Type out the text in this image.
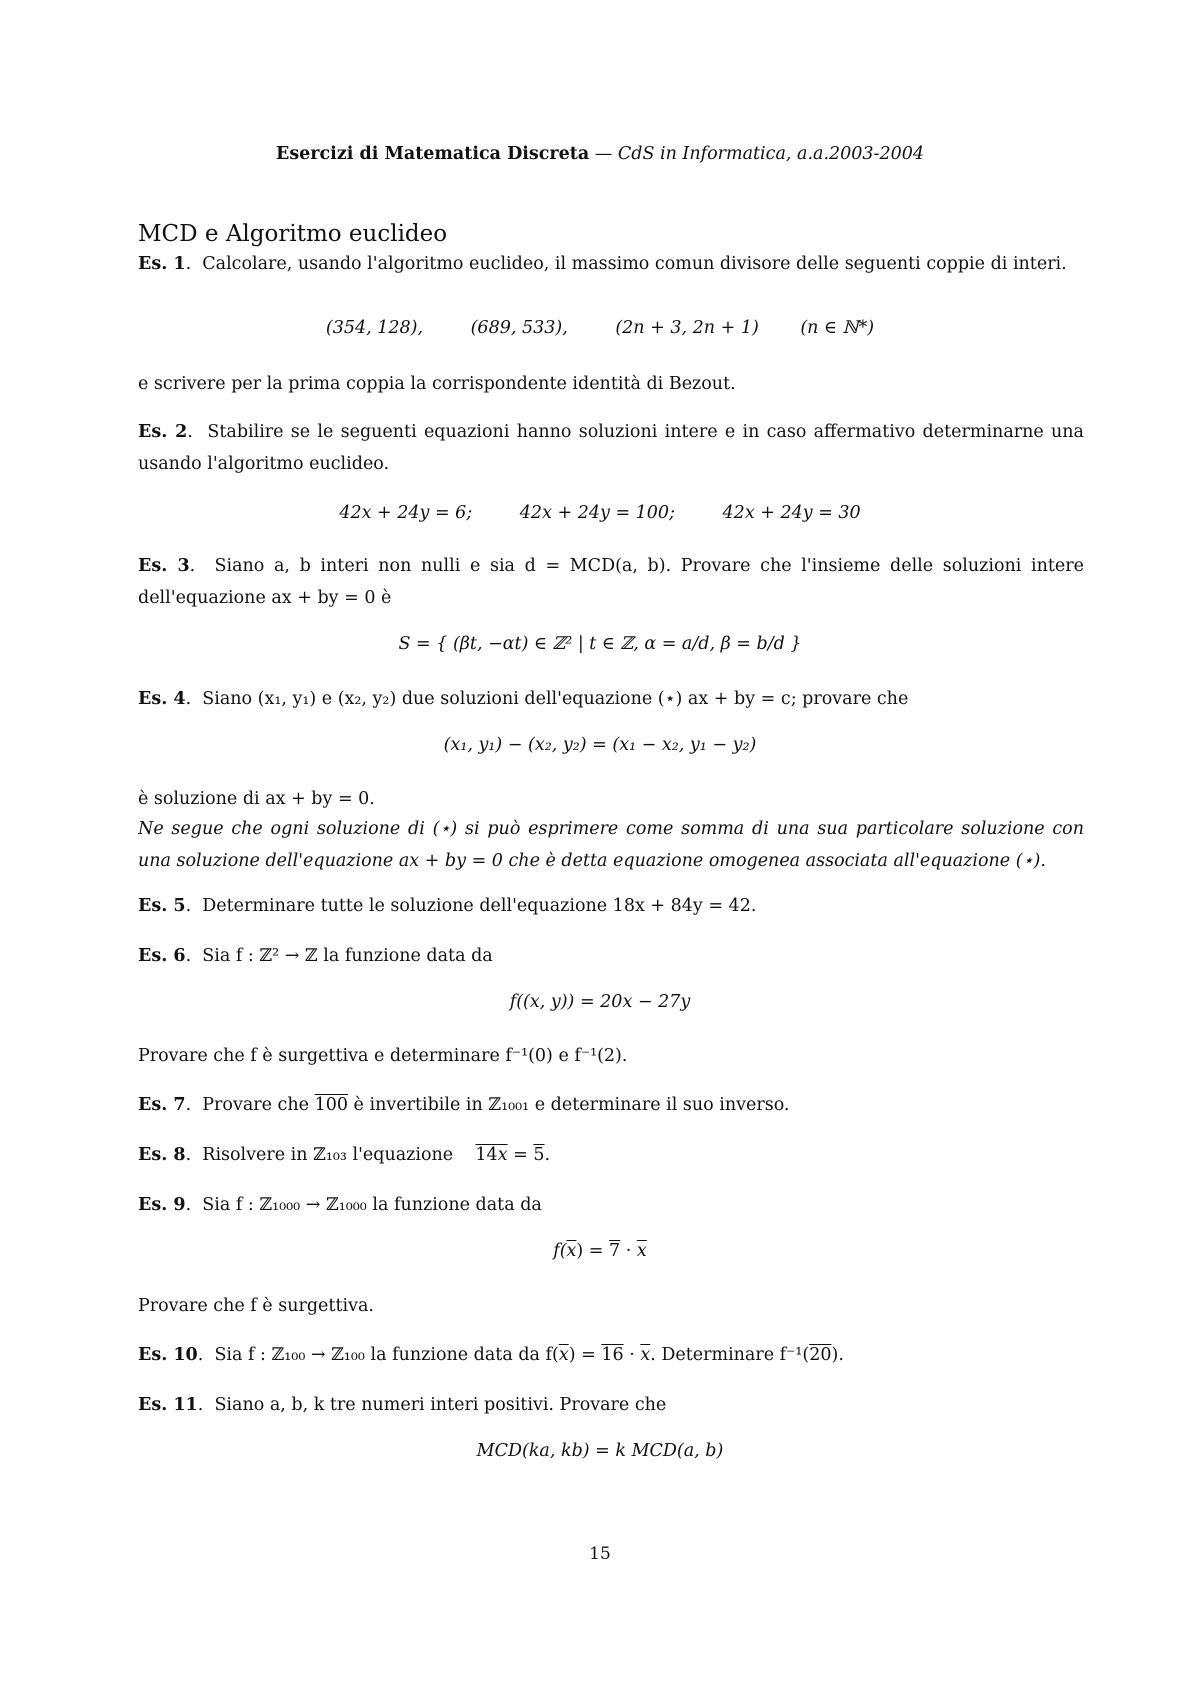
Esercizi di Matematica Discreta — CdS in Informatica, a.a.2003-2004
MCD e Algoritmo euclideo
Es. 1.  Calcolare, usando l'algoritmo euclideo, il massimo comun divisore delle seguenti coppie di interi.
(354, 128),	(689, 533),	(2n + 3, 2n + 1) (n ∈ ℕ*)
e scrivere per la prima coppia la corrispondente identità di Bezout.
Es. 2.  Stabilire se le seguenti equazioni hanno soluzioni intere e in caso affermativo determinarne una usando l'algoritmo euclideo.
42x + 24y = 6;	42x + 24y = 100;	42x + 24y = 30
Es. 3.  Siano a, b interi non nulli e sia d = MCD(a, b). Provare che l'insieme delle soluzioni intere dell'equazione ax + by = 0 è
S = { (βt, −αt) ∈ ℤ² | t ∈ ℤ, α = a/d, β = b/d }
Es. 4.  Siano (x₁, y₁) e (x₂, y₂) due soluzioni dell'equazione (⋆) ax + by = c; provare che
(x₁, y₁) − (x₂, y₂) = (x₁ − x₂, y₁ − y₂)
è soluzione di ax + by = 0.
Ne segue che ogni soluzione di (⋆) si può esprimere come somma di una sua particolare soluzione con una soluzione dell'equazione ax + by = 0 che è detta equazione omogenea associata all'equazione (⋆).
Es. 5.  Determinare tutte le soluzione dell'equazione 18x + 84y = 42.
Es. 6.  Sia f : ℤ² → ℤ la funzione data da
f((x, y)) = 20x − 27y
Provare che f è surgettiva e determinare f⁻¹(0) e f⁻¹(2).
Es. 7.  Provare che 100 è invertibile in ℤ₁₀₀₁ e determinare il suo inverso.
Es. 8.  Risolvere in ℤ₁₀₃ l'equazione $14\overline{x} = 5$.
Es. 9.  Sia f : ℤ₁₀₀₀ → ℤ₁₀₀₀ la funzione data da
$f(\overline{x}) = 7 \cdot \overline{x}$
Provare che f è surgettiva.
Es. 10.  Sia f : ℤ₁₀₀ → ℤ₁₀₀ la funzione data da $f(\overline{x}) = 16 \cdot \overline{x}$. Determinare f⁻¹(20).
Es. 11.  Siano a, b, k tre numeri interi positivi. Provare che
MCD(ka, kb) = k MCD(a, b)
15
